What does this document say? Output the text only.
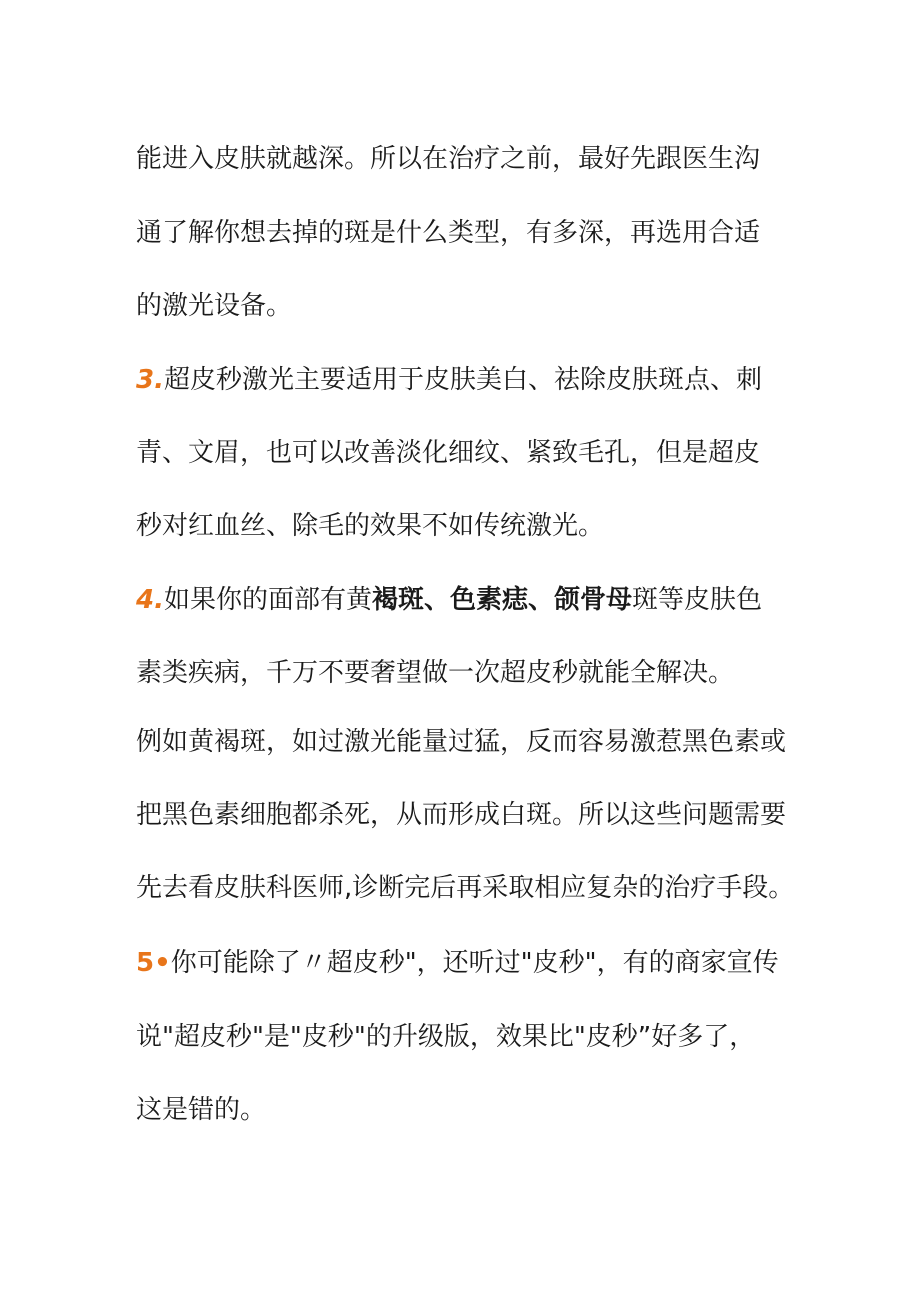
能进入皮肤就越深。所以在治疗之前，最好先跟医生沟
通了解你想去掉的斑是什么类型，有多深，再选用合适
的激光设备。
3.超皮秒激光主要适用于皮肤美白、祛除皮肤斑点、刺
青、文眉，也可以改善淡化细纹、紧致毛孔，但是超皮
秒对红血丝、除毛的效果不如传统激光。
4.如果你的面部有黄褐斑、色素痣、颌骨母斑等皮肤色
素类疾病，千万不要奢望做一次超皮秒就能全解决。
例如黄褐斑，如过激光能量过猛，反而容易激惹黑色素或
把黑色素细胞都杀死，从而形成白斑。所以这些问题需要
先去看皮肤科医师,诊断完后再采取相应复杂的治疗手段。
5•你可能除了〃超皮秒"，还听过"皮秒"，有的商家宣传
说"超皮秒"是"皮秒"的升级版，效果比"皮秒”好多了，
这是错的。
